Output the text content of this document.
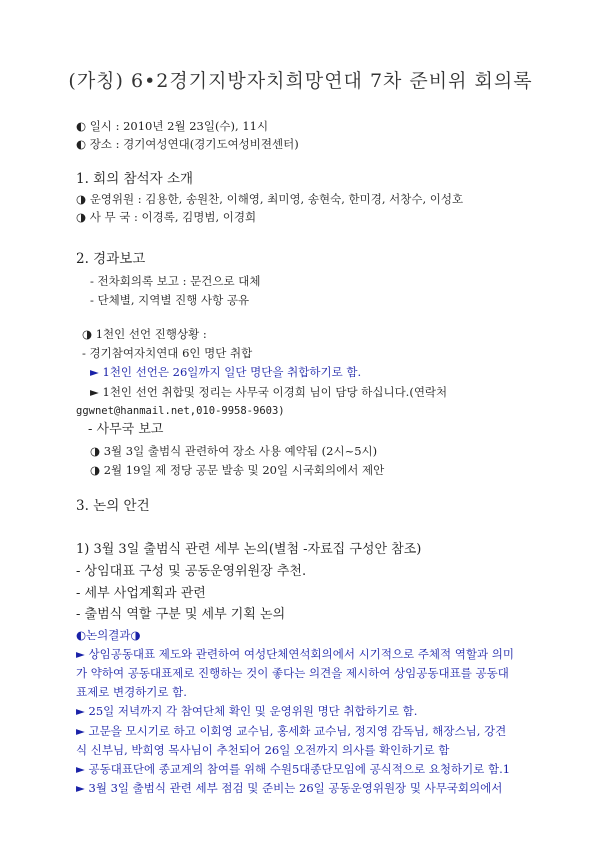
(가칭) 6•2경기지방자치희망연대 7차 준비위 회의록
◐ 일시 : 2010년 2월 23일(수), 11시
◐ 장소 : 경기여성연대(경기도여성비젼센터)
1. 회의 참석자 소개
◑ 운영위원 : 김용한, 송원찬, 이해영, 최미영, 송현숙, 한미경, 서창수, 이성호
◑ 사 무 국 : 이경록, 김명범, 이경희
2. 경과보고
- 전차회의록 보고 : 문건으로 대체
- 단체별, 지역별 진행 사항 공유
◑ 1천인 선언 진행상황 :
- 경기참여자치연대 6인 명단 취합
► 1천인 선언은 26일까지 일단 명단을 취합하기로 함.
► 1천인 선언 취합및 정리는 사무국 이경희 님이 담당 하십니다.(연락처
ggwnet@hanmail.net,010-9958-9603)
- 사무국 보고
◑ 3월 3일 출범식 관련하여 장소 사용 예약됨 (2시~5시)
◑ 2월 19일 제 정당 공문 발송 및 20일 시국회의에서 제안
3. 논의 안건
1) 3월 3일 출범식 관련 세부 논의(별첨 -자료집 구성안 참조)
- 상임대표 구성 및 공동운영위원장 추천.
- 세부 사업계획과 관련
- 출범식 역할 구분 및 세부 기획 논의
◐논의결과◑
► 상임공동대표 제도와 관련하여 여성단체연석회의에서 시기적으로 주체적 역할과 의미
가 약하여 공동대표제로 진행하는 것이 좋다는 의견을 제시하여 상임공동대표를 공동대
표제로 변경하기로 함.
► 25일 저녁까지 각 참여단체 확인 및 운영위원 명단 취합하기로 함.
► 고문을 모시기로 하고 이회영 교수님, 홍세화 교수님, 정지영 감독님, 해장스님, 강견
식 신부님, 박희영 목사님이 추천되어 26일 오전까지 의사를 확인하기로 함
► 공동대표단에 종교계의 참여를 위해 수원5대종단모임에 공식적으로 요청하기로 함.1
► 3월 3일 출범식 관련 세부 점검 및 준비는 26일 공동운영위원장 및 사무국회의에서
